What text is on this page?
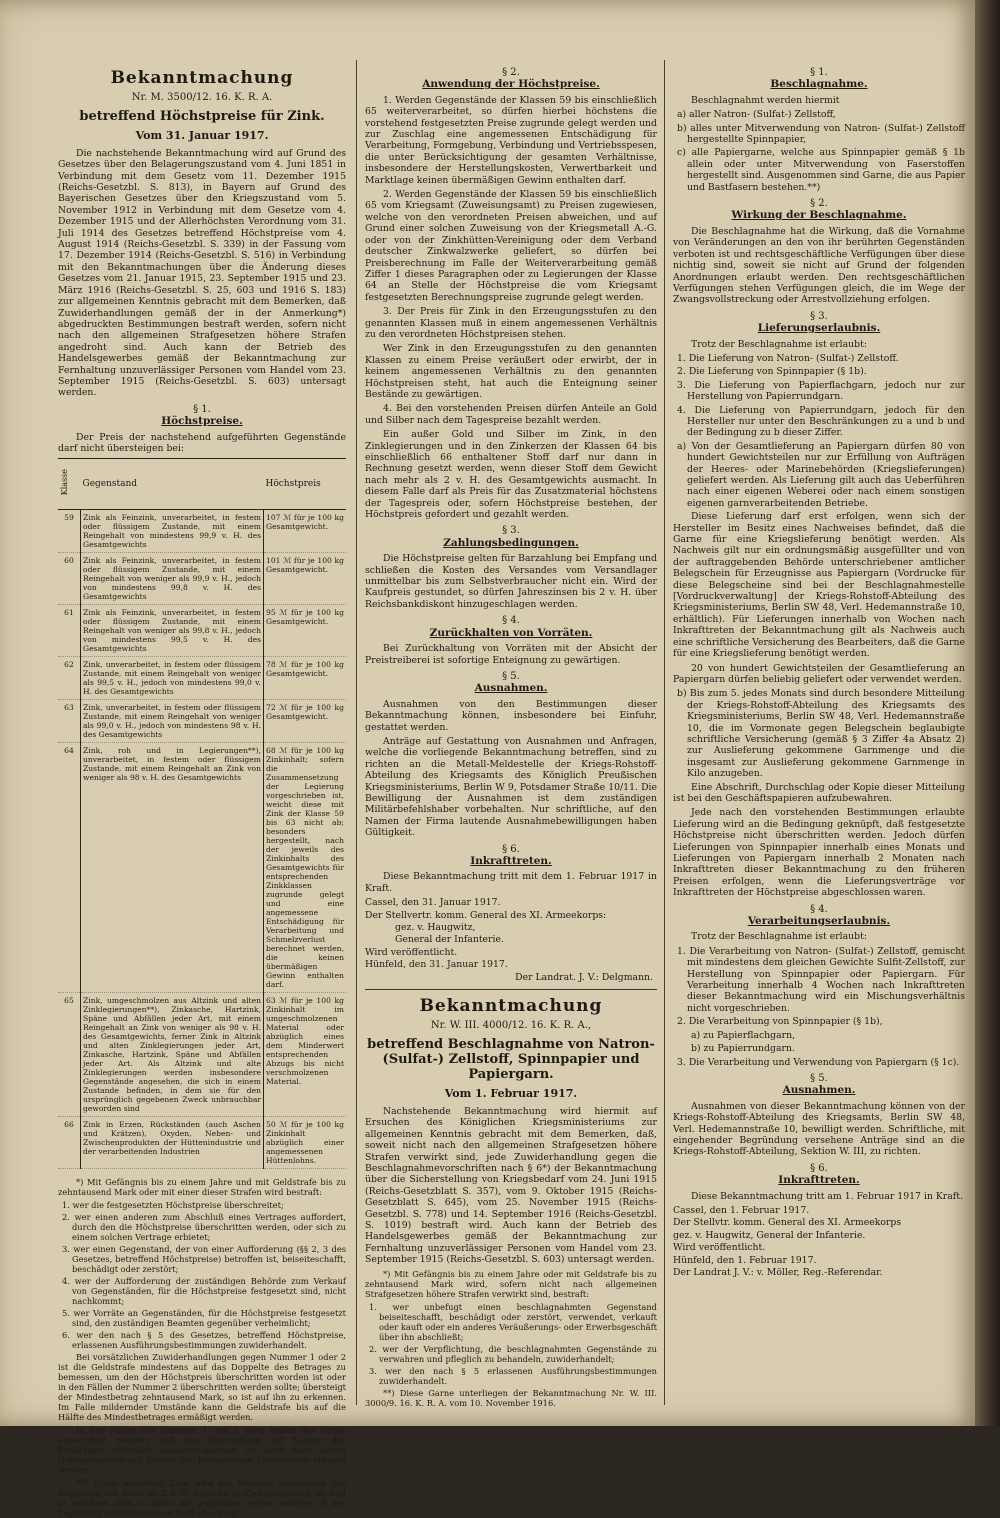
Bekanntmachung
Nr. M. 3500/12. 16. K. R. A.
betreffend Höchstpreise für Zink.
Vom 31. Januar 1917.

Die nachstehende Bekanntmachung wird auf Grund des Gesetzes über den Belagerungszustand vom 4. Juni 1851 in Verbindung mit dem Gesetz vom 11. Dezember 1915 (Reichs-Gesetzbl. S. 813), in Bayern auf Grund des Bayerischen Gesetzes über den Kriegszustand vom 5. November 1912 in Verbindung mit dem Gesetze vom 4. Dezember 1915 und der Allerhöchsten Verordnung vom 31. Juli 1914 des Gesetzes betreffend Höchstpreise vom 4. August 1914 (Reichs-Gesetzbl. S. 339) in der Fassung vom 17. Dezember 1914 (Reichs-Gesetzbl. S. 516) in Verbindung mit den Bekanntmachungen über die Änderung dieses Gesetzes vom 21. Januar 1915, 23. September 1915 und 23. März 1916 (Reichs-Gesetzbl. S. 25, 603 und 1916 S. 183) zur allgemeinen Kenntnis gebracht mit dem Bemerken, daß Zuwiderhandlungen gemäß der in der Anmerkung*) abgedruckten Bestimmungen bestraft werden, sofern nicht nach den allgemeinen Strafgesetzen höhere Strafen angedroht sind. Auch kann der Betrieb des Handelsgewerbes gemäß der Bekanntmachung zur Fernhaltung unzuverlässiger Personen vom Handel vom 23. September 1915 (Reichs-Gesetzbl. S. 603) untersagt werden.

§ 1.
Höchstpreise.

Der Preis der nachstehend aufgeführten Gegenstände darf nicht übersteigen bei:

Klasse	Gegenstand	Höchstpreis
59	Zink als Feinzink, unverarbeitet, in festem oder flüssigem Zustande, mit einem Reingehalt von mindestens 99,9 v. H. des Gesamtgewichts	107 ℳ für je 100 kg Gesamtgewicht.
60	Zink als Feinzink, unverarbeitet, in festem oder flüssigem Zustande, mit einem Reingehalt von weniger als 99,9 v. H., jedoch von mindestens 99,8 v. H. des Gesamtgewichts	101 ℳ für je 100 kg Gesamtgewicht.
61	Zink als Feinzink, unverarbeitet, in festem oder flüssigem Zustande, mit einem Reingehalt von weniger als 99,8 v. H., jedoch von mindestens 99,5 v. H. des Gesamtgewichts	95 ℳ für je 100 kg Gesamtgewicht.
62	Zink, unverarbeitet, in festem oder flüssigem Zustande, mit einem Reingehalt von weniger als 99,5 v. H., jedoch von mindestens 99,0 v. H. des Gesamtgewichts	78 ℳ für je 100 kg Gesamtgewicht.
63	Zink, unverarbeitet, in festem oder flüssigem Zustande, mit einem Reingehalt von weniger als 99,0 v. H., jedoch von mindestens 98 v. H. des Gesamtgewichts	72 ℳ für je 100 kg Gesamtgewicht.
64	Zink, roh und in Legierungen**), unverarbeitet, in festem oder flüssigem Zustande, mit einem Reingehalt an Zink von weniger als 98 v. H. des Gesamtgewichts	68 ℳ für je 100 kg Zinkinhalt; sofern die Zusammensetzung der Legierung vorgeschrieben ist, weicht diese mit Zink der Klasse 59 bis 63 nicht ab; besonders hergestellt, nach der jeweils des Zinkinhalts des Gesamtgewichts für entsprechenden Zinkklassen zugrunde gelegt und eine angemessene Entschädigung für Verarbeitung und Schmelzverlust berechnet werden, die keinen übermäßigen Gewinn enthalten darf.
65	Zink, umgeschmolzen aus Altzink und alten Zinklegierungen**), Zinkasche, Hartzink, Späne und Abfällen jeder Art, mit einem Reingehalt an Zink von weniger als 98 v. H. des Gesamtgewichts, ferner Zink in Altzink und alten Zinklegierungen jeder Art, Zinkasche, Hartzink, Späne und Abfällen jeder Art. Als Altzink und alte Zinklegierungen werden insbesondere Gegenstände angesehen, die sich in einem Zustande befinden, in dem sie für den ursprünglich gegebenen Zweck unbrauchbar geworden sind	63 ℳ für je 100 kg Zinkinhalt im umgeschmolzenen Material oder abzüglich eines dem Minderwert entsprechenden Abzugs bis nicht verschmolzenen Material.
66	Zink in Erzen, Rückständen (auch Aschen und Krätzen), Oxyden, Neben- und Zwischenprodukten der Hüttenindustrie und der verarbeitenden Industrien	50 ℳ für je 100 kg Zinkinhalt abzüglich einer angemessenen Hüttenlohns.

*) Mit Gefängnis bis zu einem Jahre und mit Geldstrafe bis zu zehntausend Mark oder mit einer dieser Strafen wird bestraft:

1. wer die festgesetzten Höchstpreise überschreitet;
2. wer einen anderen zum Abschluß eines Vertrages auffordert, durch den die Höchstpreise überschritten werden, oder sich zu einem solchen Vertrage erbietet;
3. wer einen Gegenstand, der von einer Aufforderung (§§ 2, 3 des Gesetzes, betreffend Höchstpreise) betroffen ist, beiseiteschafft, beschädigt oder zerstört;
4. wer der Aufforderung der zuständigen Behörde zum Verkauf von Gegenständen, für die Höchstpreise festgesetzt sind, nicht nachkommt;
5. wer Vorräte an Gegenständen, für die Höchstpreise festgesetzt sind, den zuständigen Beamten gegenüber verheimlicht;
6. wer den nach § 5 des Gesetzes, betreffend Höchstpreise, erlassenen Ausführungsbestimmungen zuwiderhandelt.

Bei vorsätzlichen Zuwiderhandlungen gegen Nummer 1 oder 2 ist die Geldstrafe mindestens auf das Doppelte des Betrages zu bemessen, um den der Höchstpreis überschritten worden ist oder in den Fällen der Nummer 2 überschritten werden sollte; übersteigt der Mindestbetrag zehntausend Mark, so ist auf ihn zu erkennen. Im Falle mildernder Umstände kann die Geldstrafe bis auf die Hälfte des Mindestbetrages ermäßigt werden.

In den Fällen der Nummer 1 und 2 kann neben der Strafe angeordnet werden, daß die Verurteilung auf Kosten des Schuldigen öffentlich bekanntzumachen ist; auch kann neben Gefängnisstrafe auf Verlust der bürgerlichen Ehrenrechte erkannt werden.

**) Unter legiertem Zink wird ein Material verstanden das insgesamt mit mehr als 2 v. H. anderen Stoffen verbunden ist, und in welchem Zink in mehr als gegenüber jedem anderen in der Legierung verschmolzenen Stoff überwiegt.

§ 2.
Anwendung der Höchstpreise.

1. Werden Gegenstände der Klassen 59 bis einschließlich 65 weiterverarbeitet, so dürfen hierbei höchstens die vorstehend festgesetzten Preise zugrunde gelegt werden und zur Zuschlag eine angemessenen Entschädigung für Verarbeitung, Formgebung, Verbindung und Vertriebsspesen, die unter Berücksichtigung der gesamten Verhältnisse, insbesondere der Herstellungskosten, Verwertbarkeit und Marktlage keinen übermäßigen Gewinn enthalten darf.

2. Werden Gegenstände der Klassen 59 bis einschließlich 65 vom Kriegsamt (Zuweisungsamt) zu Preisen zugewiesen, welche von den verordneten Preisen abweichen, und auf Grund einer solchen Zuweisung von der Kriegsmetall A.-G. oder von der Zinkhütten-Vereinigung oder dem Verband deutscher Zinkwalzwerke geliefert, so dürfen bei Preisberechnung im Falle der Weiterverarbeitung gemäß Ziffer 1 dieses Paragraphen oder zu Legierungen der Klasse 64 an Stelle der Höchstpreise die vom Kriegsamt festgesetzten Berechnungspreise zugrunde gelegt werden.

3. Der Preis für Zink in den Erzeugungsstufen zu den genannten Klassen muß in einem angemessenen Verhältnis zu den verordneten Höchstpreisen stehen.

Wer Zink in den Erzeugungsstufen zu den genannten Klassen zu einem Preise veräußert oder erwirbt, der in keinem angemessenen Verhältnis zu den genannten Höchstpreisen steht, hat auch die Enteignung seiner Bestände zu gewärtigen.

4. Bei den vorstehenden Preisen dürfen Anteile an Gold und Silber nach dem Tagespreise bezahlt werden.

Ein außer Gold und Silber im Zink, in den Zinklegierungen und in den Zinkerzen der Klassen 64 bis einschließlich 66 enthaltener Stoff darf nur dann in Rechnung gesetzt werden, wenn dieser Stoff dem Gewicht nach mehr als 2 v. H. des Gesamtgewichts ausmacht. In diesem Falle darf als Preis für das Zusatzmaterial höchstens der Tagespreis oder, sofern Höchstpreise bestehen, der Höchstpreis gefordert und gezahlt werden.

§ 3.
Zahlungsbedingungen.

Die Höchstpreise gelten für Barzahlung bei Empfang und schließen die Kosten des Versandes vom Versandlager unmittelbar bis zum Selbstverbraucher nicht ein. Wird der Kaufpreis gestundet, so dürfen Jahreszinsen bis 2 v. H. über Reichsbankdiskont hinzugeschlagen werden.

§ 4.
Zurückhalten von Vorräten.

Bei Zurückhaltung von Vorräten mit der Absicht der Preistreiberei ist sofortige Enteignung zu gewärtigen.

§ 5.
Ausnahmen.

Ausnahmen von den Bestimmungen dieser Bekanntmachung können, insbesondere bei Einfuhr, gestattet werden.

Anträge auf Gestattung von Ausnahmen und Anfragen, welche die vorliegende Bekanntmachung betreffen, sind zu richten an die Metall-Meldestelle der Kriegs-Rohstoff-Abteilung des Kriegsamts des Königlich Preußischen Kriegsministeriums, Berlin W 9, Potsdamer Straße 10/11. Die Bewilligung der Ausnahmen ist dem zuständigen Militärbefehlshaber vorbehalten. Nur schriftliche, auf den Namen der Firma lautende Ausnahmebewilligungen haben Gültigkeit.

§ 6.
Inkrafttreten.

Diese Bekanntmachung tritt mit dem 1. Februar 1917 in Kraft.

Cassel, den 31. Januar 1917.
Der Stellvertr. komm. General des XI. Armeekorps:
gez. v. Haugwitz,
General der Infanterie.
Wird veröffentlicht.
Hünfeld, den 31. Januar 1917.
Der Landrat. J. V.: Delgmann.
Bekanntmachung
Nr. W. III. 4000/12. 16. K. R. A.,
betreffend Beschlagnahme von Natron-(Sulfat-) Zellstoff, Spinnpapier und Papiergarn.
Vom 1. Februar 1917.

Nachstehende Bekanntmachung wird hiermit auf Ersuchen des Königlichen Kriegsministeriums zur allgemeinen Kenntnis gebracht mit dem Bemerken, daß, soweit nicht nach den allgemeinen Strafgesetzen höhere Strafen verwirkt sind, jede Zuwiderhandlung gegen die Beschlagnahmevorschriften nach § 6*) der Bekanntmachung über die Sicherstellung von Kriegsbedarf vom 24. Juni 1915 (Reichs-Gesetzblatt S. 357), vom 9. Oktober 1915 (Reichs-Gesetzblatt S. 645), vom 25. November 1915 (Reichs-Gesetzbl. S. 778) und 14. September 1916 (Reichs-Gesetzbl. S. 1019) bestraft wird. Auch kann der Betrieb des Handelsgewerbes gemäß der Bekanntmachung zur Fernhaltung unzuverlässiger Personen vom Handel vom 23. September 1915 (Reichs-Gesetzbl. S. 603) untersagt werden.

*) Mit Gefängnis bis zu einem Jahre oder mit Geldstrafe bis zu zehntausend Mark wird, sofern nicht nach allgemeinen Strafgesetzen höhere Strafen verwirkt sind, bestraft:

1. wer unbefugt einen beschlagnahmten Gegenstand beiseiteschafft, beschädigt oder zerstört, verwendet, verkauft oder kauft oder ein anderes Veräußerungs- oder Erwerbsgeschäft über ihn abschließt;
2. wer der Verpflichtung, die beschlagnahmten Gegenstände zu verwahren und pfleglich zu behandeln, zuwiderhandelt;
3. wer den nach § 5 erlassenen Ausführungsbestimmungen zuwiderhandelt.

**) Diese Garne unterliegen der Bekanntmachung Nr. W. III. 3000/9. 16. K. R. A. vom 10. November 1916.

§ 1.
Beschlagnahme.

Beschlagnahmt werden hiermit

a) aller Natron- (Sulfat-) Zellstoff,
b) alles unter Mitverwendung von Natron- (Sulfat-) Zellstoff hergestellte Spinnpapier,
c) alle Papiergarne, welche aus Spinnpapier gemäß § 1b allein oder unter Mitverwendung von Faserstoffen hergestellt sind. Ausgenommen sind Garne, die aus Papier und Bastfasern bestehen.**)
§ 2.
Wirkung der Beschlagnahme.

Die Beschlagnahme hat die Wirkung, daß die Vornahme von Veränderungen an den von ihr berührten Gegenständen verboten ist und rechtsgeschäftliche Verfügungen über diese nichtig sind, soweit sie nicht auf Grund der folgenden Anordnungen erlaubt werden. Den rechtsgeschäftlichen Verfügungen stehen Verfügungen gleich, die im Wege der Zwangsvollstreckung oder Arrestvollziehung erfolgen.

§ 3.
Lieferungserlaubnis.

Trotz der Beschlagnahme ist erlaubt:

1. Die Lieferung von Natron- (Sulfat-) Zellstoff.
2. Die Lieferung von Spinnpapier (§ 1b).
3. Die Lieferung von Papierflachgarn, jedoch nur zur Herstellung von Papierrundgarn.
4. Die Lieferung von Papierrundgarn, jedoch für den Hersteller nur unter den Beschränkungen zu a und b und der Bedingung zu b dieser Ziffer.
a) Von der Gesamtlieferung an Papiergarn dürfen 80 von hundert Gewichtsteilen nur zur Erfüllung von Aufträgen der Heeres- oder Marinebehörden (Kriegslieferungen) geliefert werden. Als Lieferung gilt auch das Ueberführen nach einer eigenen Weberei oder nach einem sonstigen eigenen garnverarbeitenden Betriebe.

Diese Lieferung darf erst erfolgen, wenn sich der Hersteller im Besitz eines Nachweises befindet, daß die Garne für eine Kriegslieferung benötigt werden. Als Nachweis gilt nur ein ordnungsmäßig ausgefüllter und von der auftraggebenden Behörde unterschriebener amtlicher Belegschein für Erzeugnisse aus Papiergarn (Vordrucke für diese Belegscheine sind bei der Beschlagnahmestelle [Vordruckverwaltung] der Kriegs-Rohstoff-Abteilung des Kriegsministeriums, Berlin SW 48, Verl. Hedemannstraße 10, erhältlich). Für Lieferungen innerhalb von Wochen nach Inkrafttreten der Bekanntmachung gilt als Nachweis auch eine schriftliche Versicherung des Bearbeiters, daß die Garne für eine Kriegslieferung benötigt werden.

20 von hundert Gewichtsteilen der Gesamtlieferung an Papiergarn dürfen beliebig geliefert oder verwendet werden.

b) Bis zum 5. jedes Monats sind durch besondere Mitteilung der Kriegs-Rohstoff-Abteilung des Kriegsamts des Kriegsministeriums, Berlin SW 48, Verl. Hedemannstraße 10, die im Vormonate gegen Belegschein beglaubigte schriftliche Versicherung (gemäß § 3 Ziffer 4a Absatz 2) zur Auslieferung gekommene Garnmenge und die insgesamt zur Auslieferung gekommene Garnmenge in Kilo anzugeben.

Eine Abschrift, Durchschlag oder Kopie dieser Mitteilung ist bei den Geschäftspapieren aufzubewahren.

Jede nach den vorstehenden Bestimmungen erlaubte Lieferung wird an die Bedingung geknüpft, daß festgesetzte Höchstpreise nicht überschritten werden. Jedoch dürfen Lieferungen von Spinnpapier innerhalb eines Monats und Lieferungen von Papiergarn innerhalb 2 Monaten nach Inkrafttreten dieser Bekanntmachung zu den früheren Preisen erfolgen, wenn die Lieferungsverträge vor Inkrafttreten der Höchstpreise abgeschlossen waren.

§ 4.
Verarbeitungserlaubnis.

Trotz der Beschlagnahme ist erlaubt:

1. Die Verarbeitung von Natron- (Sulfat-) Zellstoff, gemischt mit mindestens dem gleichen Gewichte Sulfit-Zellstoff, zur Herstellung von Spinnpapier oder Papiergarn. Für Verarbeitung innerhalb 4 Wochen nach Inkrafttreten dieser Bekanntmachung wird ein Mischungsverhältnis nicht vorgeschrieben.
2. Die Verarbeitung von Spinnpapier (§ 1b),
a) zu Papierflachgarn,
b) zu Papierrundgarn.
3. Die Verarbeitung und Verwendung von Papiergarn (§ 1c).
§ 5.
Ausnahmen.

Ausnahmen von dieser Bekanntmachung können von der Kriegs-Rohstoff-Abteilung des Kriegsamts, Berlin SW 48, Verl. Hedemannstraße 10, bewilligt werden. Schriftliche, mit eingehender Begründung versehene Anträge sind an die Kriegs-Rohstoff-Abteilung, Sektion W. III, zu richten.

§ 6.
Inkrafttreten.

Diese Bekanntmachung tritt am 1. Februar 1917 in Kraft.

Cassel, den 1. Februar 1917.
Der Stellvtr. komm. General des XI. Armeekorps
gez. v. Haugwitz, General der Infanterie.
Wird veröffentlicht.
Hünfeld, den 1. Februar 1917.
Der Landrat J. V.: v. Möller, Reg.-Referendar.
